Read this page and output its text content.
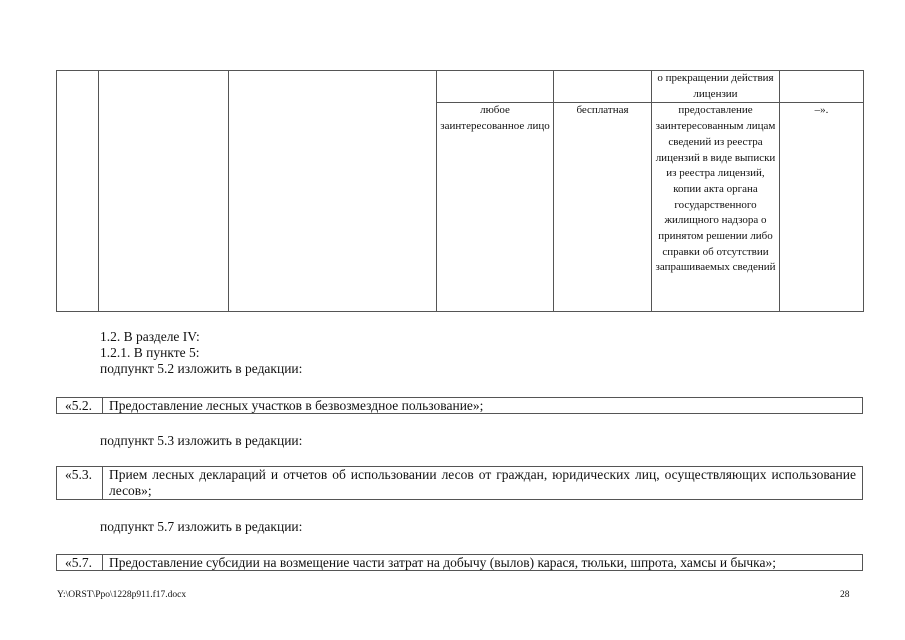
					о прекращении действия лицензии	
			любое заинтересованное лицо	бесплатная	предоставление заинтересованным лицам сведений из реестра лицензий в виде выписки из реестра лицензий, копии акта органа государственного жилищного надзора о принятом решении либо справки об отсутствии запрашиваемых сведений	–».
1.2. В разделе IV:
1.2.1. В пункте 5:
подпункт 5.2 изложить в редакции:
«5.2.	Предоставление лесных участков в безвозмездное пользование»;
подпункт 5.3 изложить в редакции:
«5.3.	Прием лесных деклараций и отчетов об использовании лесов от граждан, юридических лиц, осуществляющих использование лесов»;
подпункт 5.7 изложить в редакции:
«5.7.	Предоставление субсидии на возмещение части затрат на добычу (вылов) карася, тюльки, шпрота, хамсы и бычка»;
Y:\ORST\Ppo\1228p911.f17.docx	28
